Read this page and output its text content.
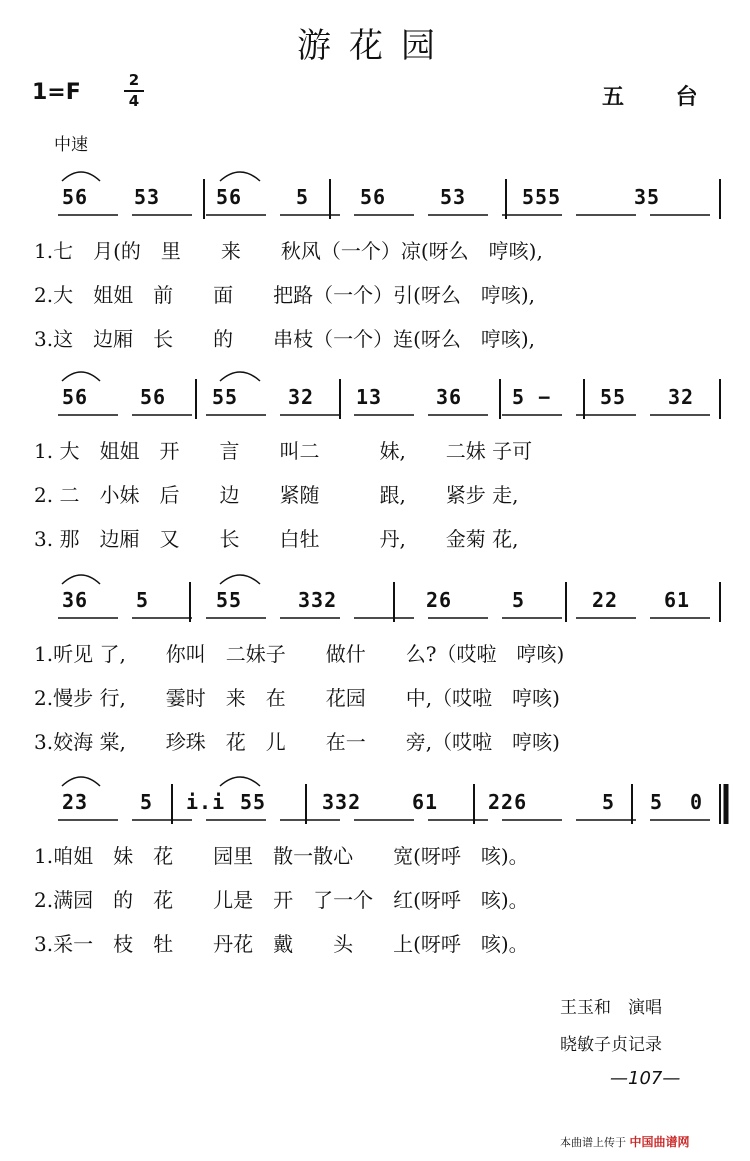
游花园
1=F	2
4	五 台
中速
56 53	56	5	56	53	555	35
1.七　月(的　里　　来　　秋风（一个）凉(呀么　哼咳),
2.大　姐姐　前　　面　　把路（一个）引(呀么　哼咳),
3.这　边厢　长　　的　　串枝（一个）连(呀么　哼咳),
56	56 55 32 13	36 5 − 55 32
1. 大　姐姐　开　　言　　叫二　　　妹,　　二妹 子可
2. 二　小妹　后　　边　　紧随　　　跟,　　紧步 走,
3. 那　边厢　又　　长　　白牡　　　丹,　　金菊 花,
36 5	55	332	26	5	22 61
1.听见 了,　　你叫　二妹子　　做什　　么?（哎啦　哼咳)
2.慢步 行,　　霎时　来　在　　花园　　中,（哎啦　哼咳)
3.姣海 棠,　　珍珠　花　儿　　在一　　旁,（哎啦　哼咳)
23	5 i.i 55	332	61 226	5 5 0
1.咱姐　妹　花　　园里　散一散心　　宽(呀呼　咳)。
2.满园　的　花　　儿是　开　了一个　红(呀呼　咳)。
3.采一　枝　牡　　丹花　戴　　头　　上(呀呼　咳)。
王玉和　演唱
晓敏子贞记录
—107—
本曲谱上传于 中国曲谱网
